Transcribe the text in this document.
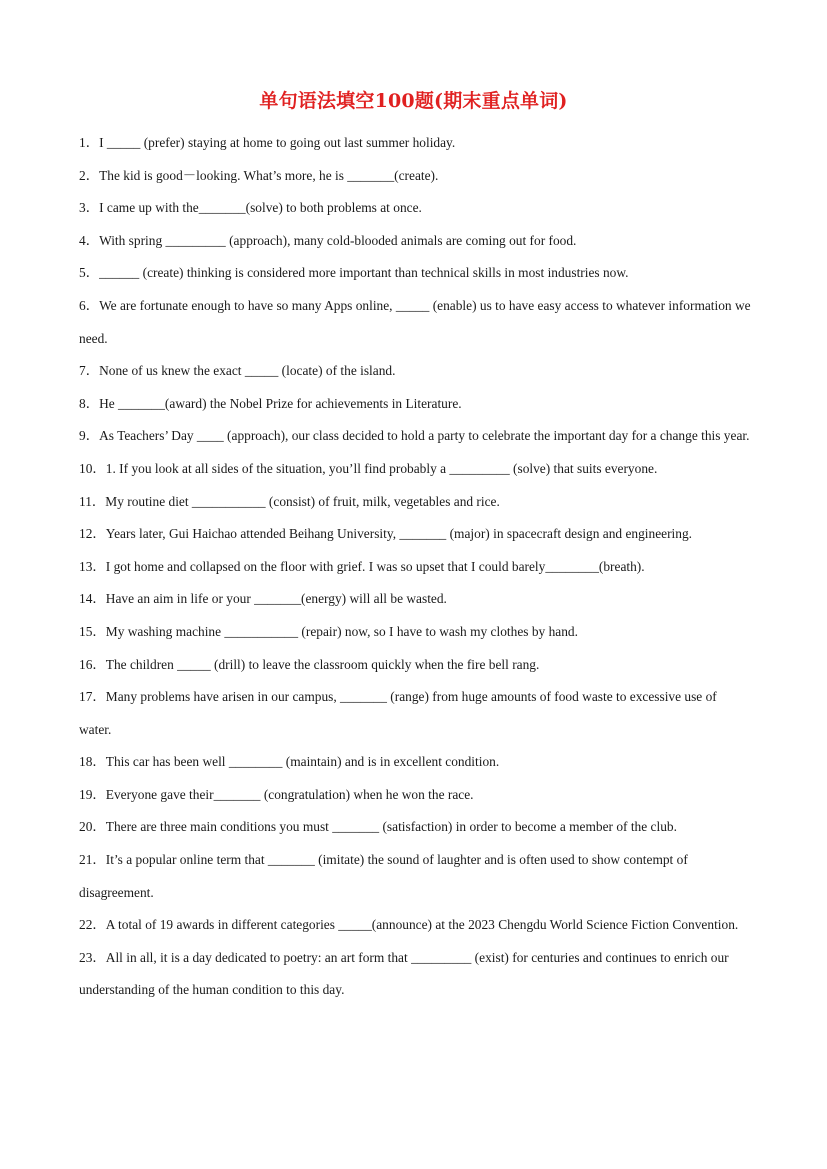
单句语法填空100题(期末重点单词)
1．I _____ (prefer) staying at home to going out last summer holiday.
2．The kid is good－looking. What’s more, he is _______(create).
3．I came up with the_______(solve) to both problems at once.
4．With spring _________ (approach), many cold-blooded animals are coming out for food.
5．______ (create) thinking is considered more important than technical skills in most industries now.
6．We are fortunate enough to have so many Apps online, _____ (enable) us to have easy access to whatever information we need.
7．None of us knew the exact _____ (locate) of the island.
8．He _______(award) the Nobel Prize for achievements in Literature.
9．As Teachers’ Day ____ (approach), our class decided to hold a party to celebrate the important day for a change this year.
10．1. If you look at all sides of the situation, you’ll find probably a _________ (solve) that suits everyone.
11．My routine diet ___________ (consist) of fruit, milk, vegetables and rice.
12．Years later, Gui Haichao attended Beihang University, _______ (major) in spacecraft design and engineering.
13．I got home and collapsed on the floor with grief. I was so upset that I could barely________(breath).
14．Have an aim in life or your _______(energy) will all be wasted.
15．My washing machine ___________ (repair) now, so I have to wash my clothes by hand.
16．The children _____ (drill) to leave the classroom quickly when the fire bell rang.
17．Many problems have arisen in our campus, _______ (range) from huge amounts of food waste to excessive use of water.
18．This car has been well ________ (maintain) and is in excellent condition.
19．Everyone gave their_______ (congratulation) when he won the race.
20．There are three main conditions you must _______ (satisfaction) in order to become a member of the club.
21．It’s a popular online term that _______ (imitate) the sound of laughter and is often used to show contempt of disagreement.
22．A total of 19 awards in different categories _____(announce) at the 2023 Chengdu World Science Fiction Convention.
23．All in all, it is a day dedicated to poetry: an art form that _________ (exist) for centuries and continues to enrich our understanding of the human condition to this day.
